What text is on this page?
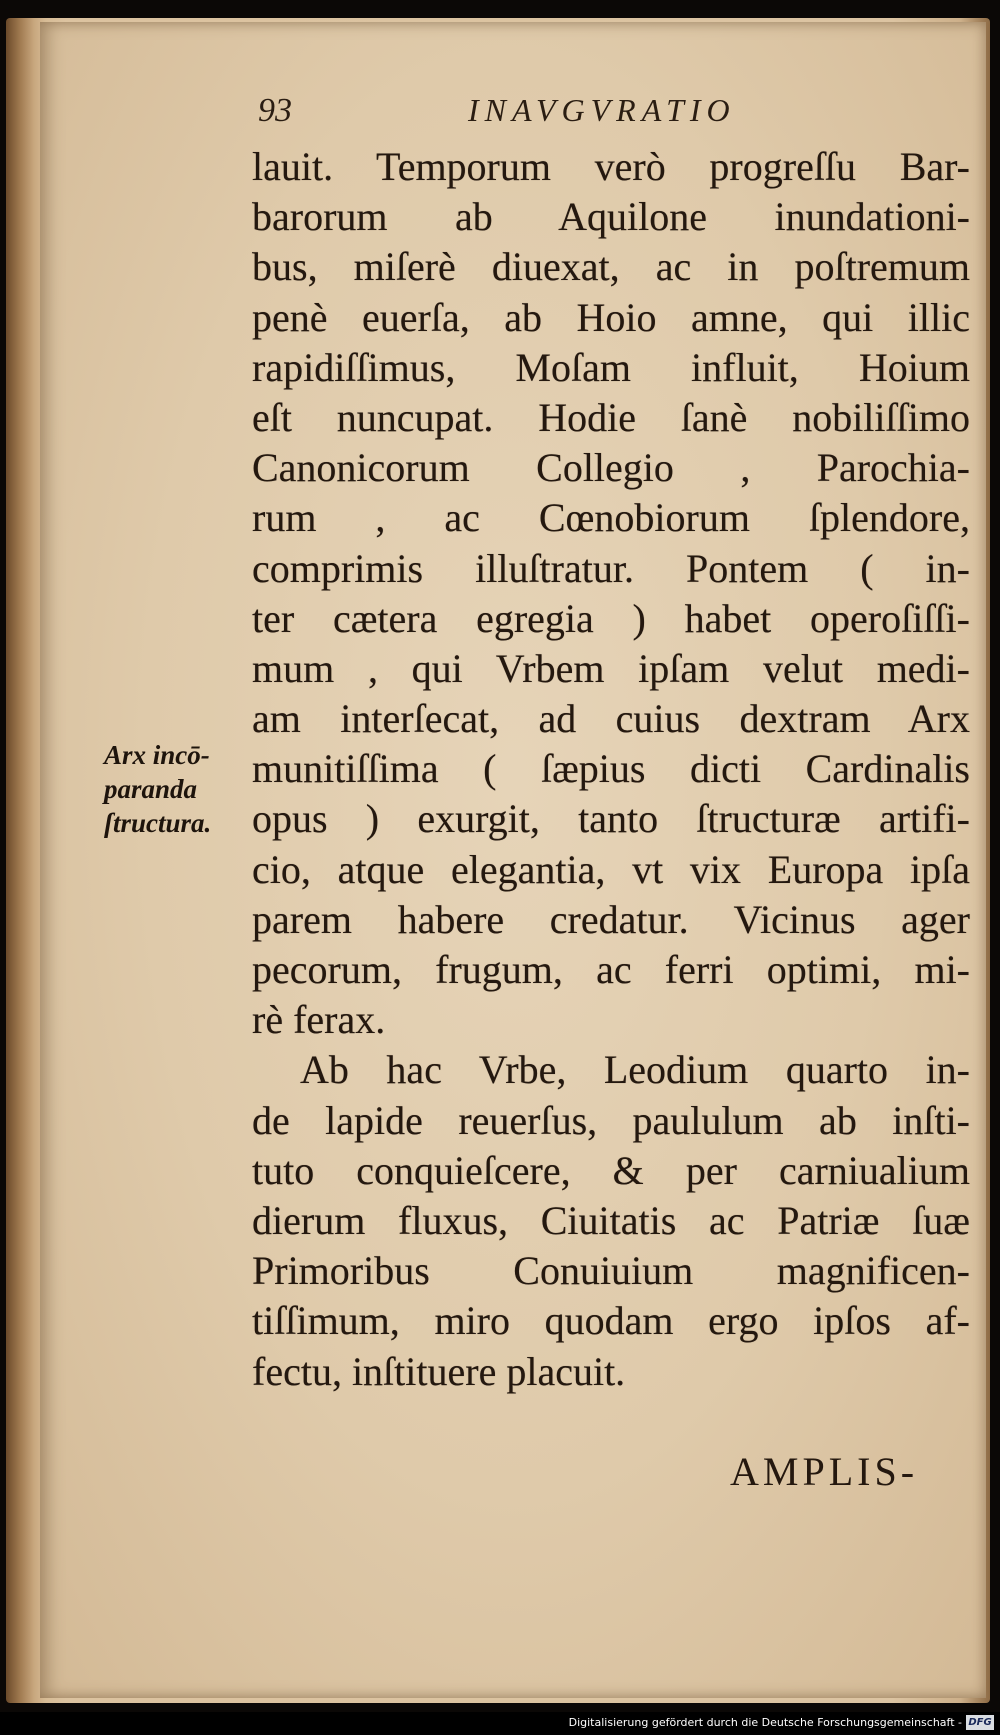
93	INAVGVRATIO
Arx incō-
paranda
ſtructura.
lauit. Temporum verò progreſſu Bar-
barorum ab Aquilone inundationi-
bus, miſerè diuexat, ac in poſtremum
penè euerſa, ab Hoio amne, qui illic
rapidiſſimus, Moſam influit, Hoium
eſt nuncupat. Hodie ſanè nobiliſſimo
Canonicorum Collegio , Parochia-
rum , ac Cœnobiorum ſplendore,
comprimis illuſtratur. Pontem ( in-
ter cætera egregia ) habet operoſiſſi-
mum , qui Vrbem ipſam velut medi-
am interſecat, ad cuius dextram Arx
munitiſſima ( ſæpius dicti Cardinalis
opus ) exurgit, tanto ſtructuræ artifi-
cio, atque elegantia, vt vix Europa ipſa
parem habere credatur. Vicinus ager
pecorum, frugum, ac ferri optimi, mi-
rè ferax.
Ab hac Vrbe, Leodium quarto in-
de lapide reuerſus, paululum ab inſti-
tuto conquieſcere, & per carniualium
dierum fluxus, Ciuitatis ac Patriæ ſuæ
Primoribus Conuiuium magnificen-
tiſſimum, miro quodam ergo ipſos af-
fectu, inſtituere placuit.
AMPLIS-
Digitalisierung gefördert durch die Deutsche Forschungsgemeinschaft - DFG
